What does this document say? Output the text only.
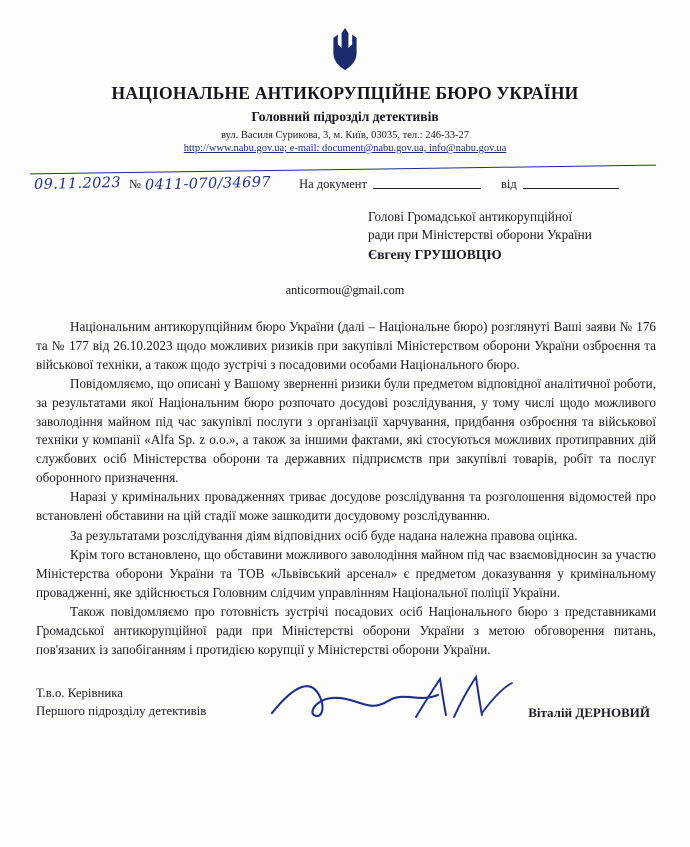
НАЦІОНАЛЬНЕ АНТИКОРУПЦІЙНЕ БЮРО УКРАЇНИ
Головний підрозділ детективів
вул. Василя Сурикова, 3, м. Київ, 03035, тел.: 246-33-27
http://www.nabu.gov.ua; e-mail: document@nabu.gov.ua, info@nabu.gov.ua
09.11.2023 № 0411-070/34697 На документ	від
Голові Громадської антикорупційної
ради при Міністерстві оборони України
Євгену ГРУШОВЦЮ
anticormou@gmail.com

Національним антикорупційним бюро України (далі – Національне бюро) розглянуті Ваші заяви № 176 та № 177 від 26.10.2023 щодо можливих ризиків при закупівлі Міністерством оборони України озброєння та військової техніки, а також щодо зустрічі з посадовими особами Національного бюро.

Повідомляємо, що описані у Вашому зверненні ризики були предметом відповідної аналітичної роботи, за результатами якої Національним бюро розпочато досудові розслідування, у тому числі щодо можливого заволодіння майном під час закупівлі послуги з організації харчування, придбання озброєння та військової техніки у компанії «Alfa Sp. z o.o.», а також за іншими фактами, які стосуються можливих протиправних дій службових осіб Міністерства оборони та державних підприємств при закупівлі товарів, робіт та послуг оборонного призначення.

Наразі у кримінальних провадженнях триває досудове розслідування та розголошення відомостей про встановлені обставини на цій стадії може зашкодити досудовому розслідуванню.

За результатами розслідування діям відповідних осіб буде надана належна правова оцінка.

Крім того встановлено, що обставини можливого заволодіння майном під час взаємовідносин за участю Міністерства оборони України та ТОВ «Львівський арсенал» є предметом доказування у кримінальному провадженні, яке здійснюється Головним слідчим управлінням Національної поліції України.

Також повідомляємо про готовність зустрічі посадових осіб Національного бюро з представниками Громадської антикорупційної ради при Міністерстві оборони України з метою обговорення питань, пов'язаних із запобіганням і протидією корупції у Міністерстві оборони України.

Т.в.о. Керівника
Першого підрозділу детективів	Віталій ДЕРНОВИЙ
